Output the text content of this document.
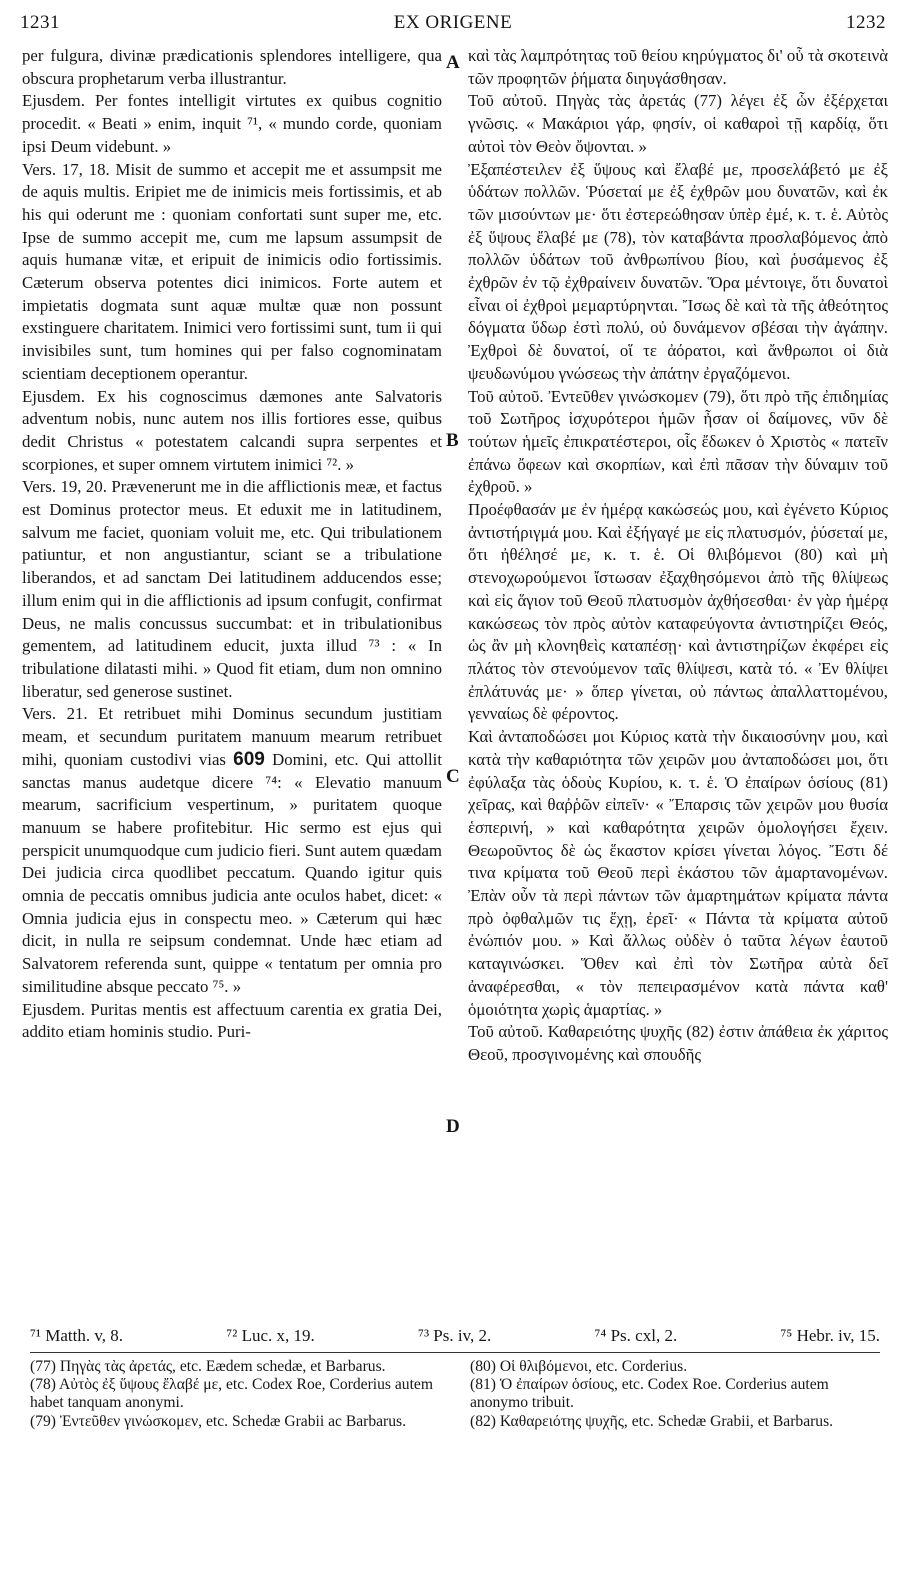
1231	EX ORIGENE	1232

per fulgura, divinæ prædicationis splendores intelligere, qua obscura prophetarum verba illustrantur.

Ejusdem. Per fontes intelligit virtutes ex quibus cognitio procedit. « Beati » enim, inquit ⁷¹, « mundo corde, quoniam ipsi Deum videbunt. »

Vers. 17, 18. Misit de summo et accepit me et assumpsit me de aquis multis. Eripiet me de inimicis meis fortissimis, et ab his qui oderunt me : quoniam confortati sunt super me, etc. Ipse de summo accepit me, cum me lapsum assumpsit de aquis humanæ vitæ, et eripuit de inimicis odio fortissimis. Cæterum observa potentes dici inimicos. Forte autem et impietatis dogmata sunt aquæ multæ quæ non possunt exstinguere charitatem. Inimici vero fortissimi sunt, tum ii qui invisibiles sunt, tum homines qui per falso cognominatam scientiam deceptionem operantur.

Ejusdem. Ex his cognoscimus dæmones ante Salvatoris adventum nobis, nunc autem nos illis fortiores esse, quibus dedit Christus « potestatem calcandi supra serpentes et scorpiones, et super omnem virtutem inimici ⁷². »

Vers. 19, 20. Prævenerunt me in die afflictionis meæ, et factus est Dominus protector meus. Et eduxit me in latitudinem, salvum me faciet, quoniam voluit me, etc. Qui tribulationem patiuntur, et non angustiantur, sciant se a tribulatione liberandos, et ad sanctam Dei latitudinem adducendos esse; illum enim qui in die afflictionis ad ipsum confugit, confirmat Deus, ne malis concussus succumbat: et in tribulationibus gementem, ad latitudinem educit, juxta illud ⁷³ : « In tribulatione dilatasti mihi. » Quod fit etiam, dum non omnino liberatur, sed generose sustinet.

Vers. 21. Et retribuet mihi Dominus secundum justitiam meam, et secundum puritatem manuum mearum retribuet mihi, quoniam custodivi vias 609 Domini, etc. Qui attollit sanctas manus audetque dicere ⁷⁴: « Elevatio manuum mearum, sacrificium vespertinum, » puritatem quoque manuum se habere profitebitur. Hic sermo est ejus qui perspicit unumquodque cum judicio fieri. Sunt autem quædam Dei judicia circa quodlibet peccatum. Quando igitur quis omnia de peccatis omnibus judicia ante oculos habet, dicet: « Omnia judicia ejus in conspectu meo. » Cæterum qui hæc dicit, in nulla re seipsum condemnat. Unde hæc etiam ad Salvatorem referenda sunt, quippe « tentatum per omnia pro similitudine absque peccato ⁷⁵. »

Ejusdem. Puritas mentis est affectuum carentia ex gratia Dei, addito etiam hominis studio. Puri-

A
B
C
D

καὶ τὰς λαμπρότητας τοῦ θείου κηρύγματος δι' οὗ τὰ σκοτεινὰ τῶν προφητῶν ῥήματα διηυγάσθησαν.

Τοῦ αὐτοῦ. Πηγὰς τὰς ἀρετάς (77) λέγει ἐξ ὧν ἐξέρχεται γνῶσις. « Μακάριοι γάρ, φησίν, οἱ καθαροὶ τῇ καρδίᾳ, ὅτι αὐτοὶ τὸν Θεὸν ὄψονται. »

Ἐξαπέστειλεν ἐξ ὕψους καὶ ἔλαβέ με, προσελάβετό με ἐξ ὑδάτων πολλῶν. Ῥύσεταί με ἐξ ἐχθρῶν μου δυνατῶν, καὶ ἐκ τῶν μισούντων με· ὅτι ἐστερεώθησαν ὑπὲρ ἐμέ, κ. τ. ἑ. Αὐτὸς ἐξ ὕψους ἔλαβέ με (78), τὸν καταβάντα προσλαβόμενος ἀπὸ πολλῶν ὑδάτων τοῦ ἀνθρωπίνου βίου, καὶ ῥυσάμενος ἐξ ἐχθρῶν ἐν τῷ ἐχθραίνειν δυνατῶν. Ὅρα μέντοιγε, ὅτι δυνατοὶ εἶναι οἱ ἐχθροὶ μεμαρτύρηνται. Ἴσως δὲ καὶ τὰ τῆς ἀθεότητος δόγματα ὕδωρ ἐστὶ πολύ, οὐ δυνάμενον σβέσαι τὴν ἀγάπην. Ἐχθροὶ δὲ δυνατοί, οἵ τε ἀόρατοι, καὶ ἄνθρωποι οἱ διὰ ψευδωνύμου γνώσεως τὴν ἀπάτην ἐργαζόμενοι.

Τοῦ αὐτοῦ. Ἐντεῦθεν γινώσκομεν (79), ὅτι πρὸ τῆς ἐπιδημίας τοῦ Σωτῆρος ἰσχυρότεροι ἡμῶν ἦσαν οἱ δαίμονες, νῦν δὲ τούτων ἡμεῖς ἐπικρατέστεροι, οἷς ἔδωκεν ὁ Χριστὸς « πατεῖν ἐπάνω ὄφεων καὶ σκορπίων, καὶ ἐπὶ πᾶσαν τὴν δύναμιν τοῦ ἐχθροῦ. »

Προέφθασάν με ἐν ἡμέρᾳ κακώσεώς μου, καὶ ἐγένετο Κύριος ἀντιστήριγμά μου. Καὶ ἐξήγαγέ με εἰς πλατυσμόν, ῥύσεταί με, ὅτι ἠθέλησέ με, κ. τ. ἑ. Οἱ θλιβόμενοι (80) καὶ μὴ στενοχωρούμενοι ἴστωσαν ἐξαχθησόμενοι ἀπὸ τῆς θλίψεως καὶ εἰς ἅγιον τοῦ Θεοῦ πλατυσμὸν ἀχθήσεσθαι· ἐν γὰρ ἡμέρᾳ κακώσεως τὸν πρὸς αὐτὸν καταφεύγοντα ἀντιστηρίζει Θεός, ὡς ἂν μὴ κλονηθεὶς καταπέσῃ· καὶ ἀντιστηρίζων ἐκφέρει εἰς πλάτος τὸν στενούμενον ταῖς θλίψεσι, κατὰ τό. « Ἐν θλίψει ἐπλάτυνάς με· » ὅπερ γίνεται, οὐ πάντως ἀπαλλαττομένου, γενναίως δὲ φέροντος.

Καὶ ἀνταποδώσει μοι Κύριος κατὰ τὴν δικαιοσύνην μου, καὶ κατὰ τὴν καθαριότητα τῶν χειρῶν μου ἀνταποδώσει μοι, ὅτι ἐφύλαξα τὰς ὁδοὺς Κυρίου, κ. τ. ἑ. Ὁ ἐπαίρων ὁσίους (81) χεῖρας, καὶ θαῤῥῶν εἰπεῖν· « Ἔπαρσις τῶν χειρῶν μου θυσία ἑσπερινή, » καὶ καθαρότητα χειρῶν ὁμολογήσει ἔχειν. Θεωροῦντος δὲ ὡς ἕκαστον κρίσει γίνεται λόγος. Ἔστι δέ τινα κρίματα τοῦ Θεοῦ περὶ ἑκάστου τῶν ἁμαρτανομένων. Ἐπὰν οὖν τὰ περὶ πάντων τῶν ἁμαρτημάτων κρίματα πάντα πρὸ ὀφθαλμῶν τις ἔχῃ, ἐρεῖ· « Πάντα τὰ κρίματα αὐτοῦ ἐνώπιόν μου. » Καὶ ἄλλως οὐδὲν ὁ ταῦτα λέγων ἑαυτοῦ καταγινώσκει. Ὅθεν καὶ ἐπὶ τὸν Σωτῆρα αὐτὰ δεῖ ἀναφέρεσθαι, « τὸν πεπειρασμένον κατὰ πάντα καθ' ὁμοιότητα χωρὶς ἁμαρτίας. »

Τοῦ αὐτοῦ. Καθαρειότης ψυχῆς (82) ἐστιν ἀπάθεια ἐκ χάριτος Θεοῦ, προσγινομένης καὶ σπουδῆς

⁷¹ Matth. v, 8.	⁷² Luc. x, 19.	⁷³ Ps. iv, 2.	⁷⁴ Ps. cxl, 2.	⁷⁵ Hebr. iv, 15.

(77) Πηγὰς τὰς ἀρετάς, etc. Eædem schedæ, et Barbarus.

(78) Αὐτὸς ἐξ ὕψους ἔλαβέ με, etc. Codex Roe, Corderius autem habet tanquam anonymi.

(79) Ἐντεῦθεν γινώσκομεν, etc. Schedæ Grabii ac Barbarus.

(80) Οἱ θλιβόμενοι, etc. Corderius.

(81) Ὁ ἐπαίρων ὁσίους, etc. Codex Roe. Corderius autem anonymo tribuit.

(82) Καθαρειότης ψυχῆς, etc. Schedæ Grabii, et Barbarus.
